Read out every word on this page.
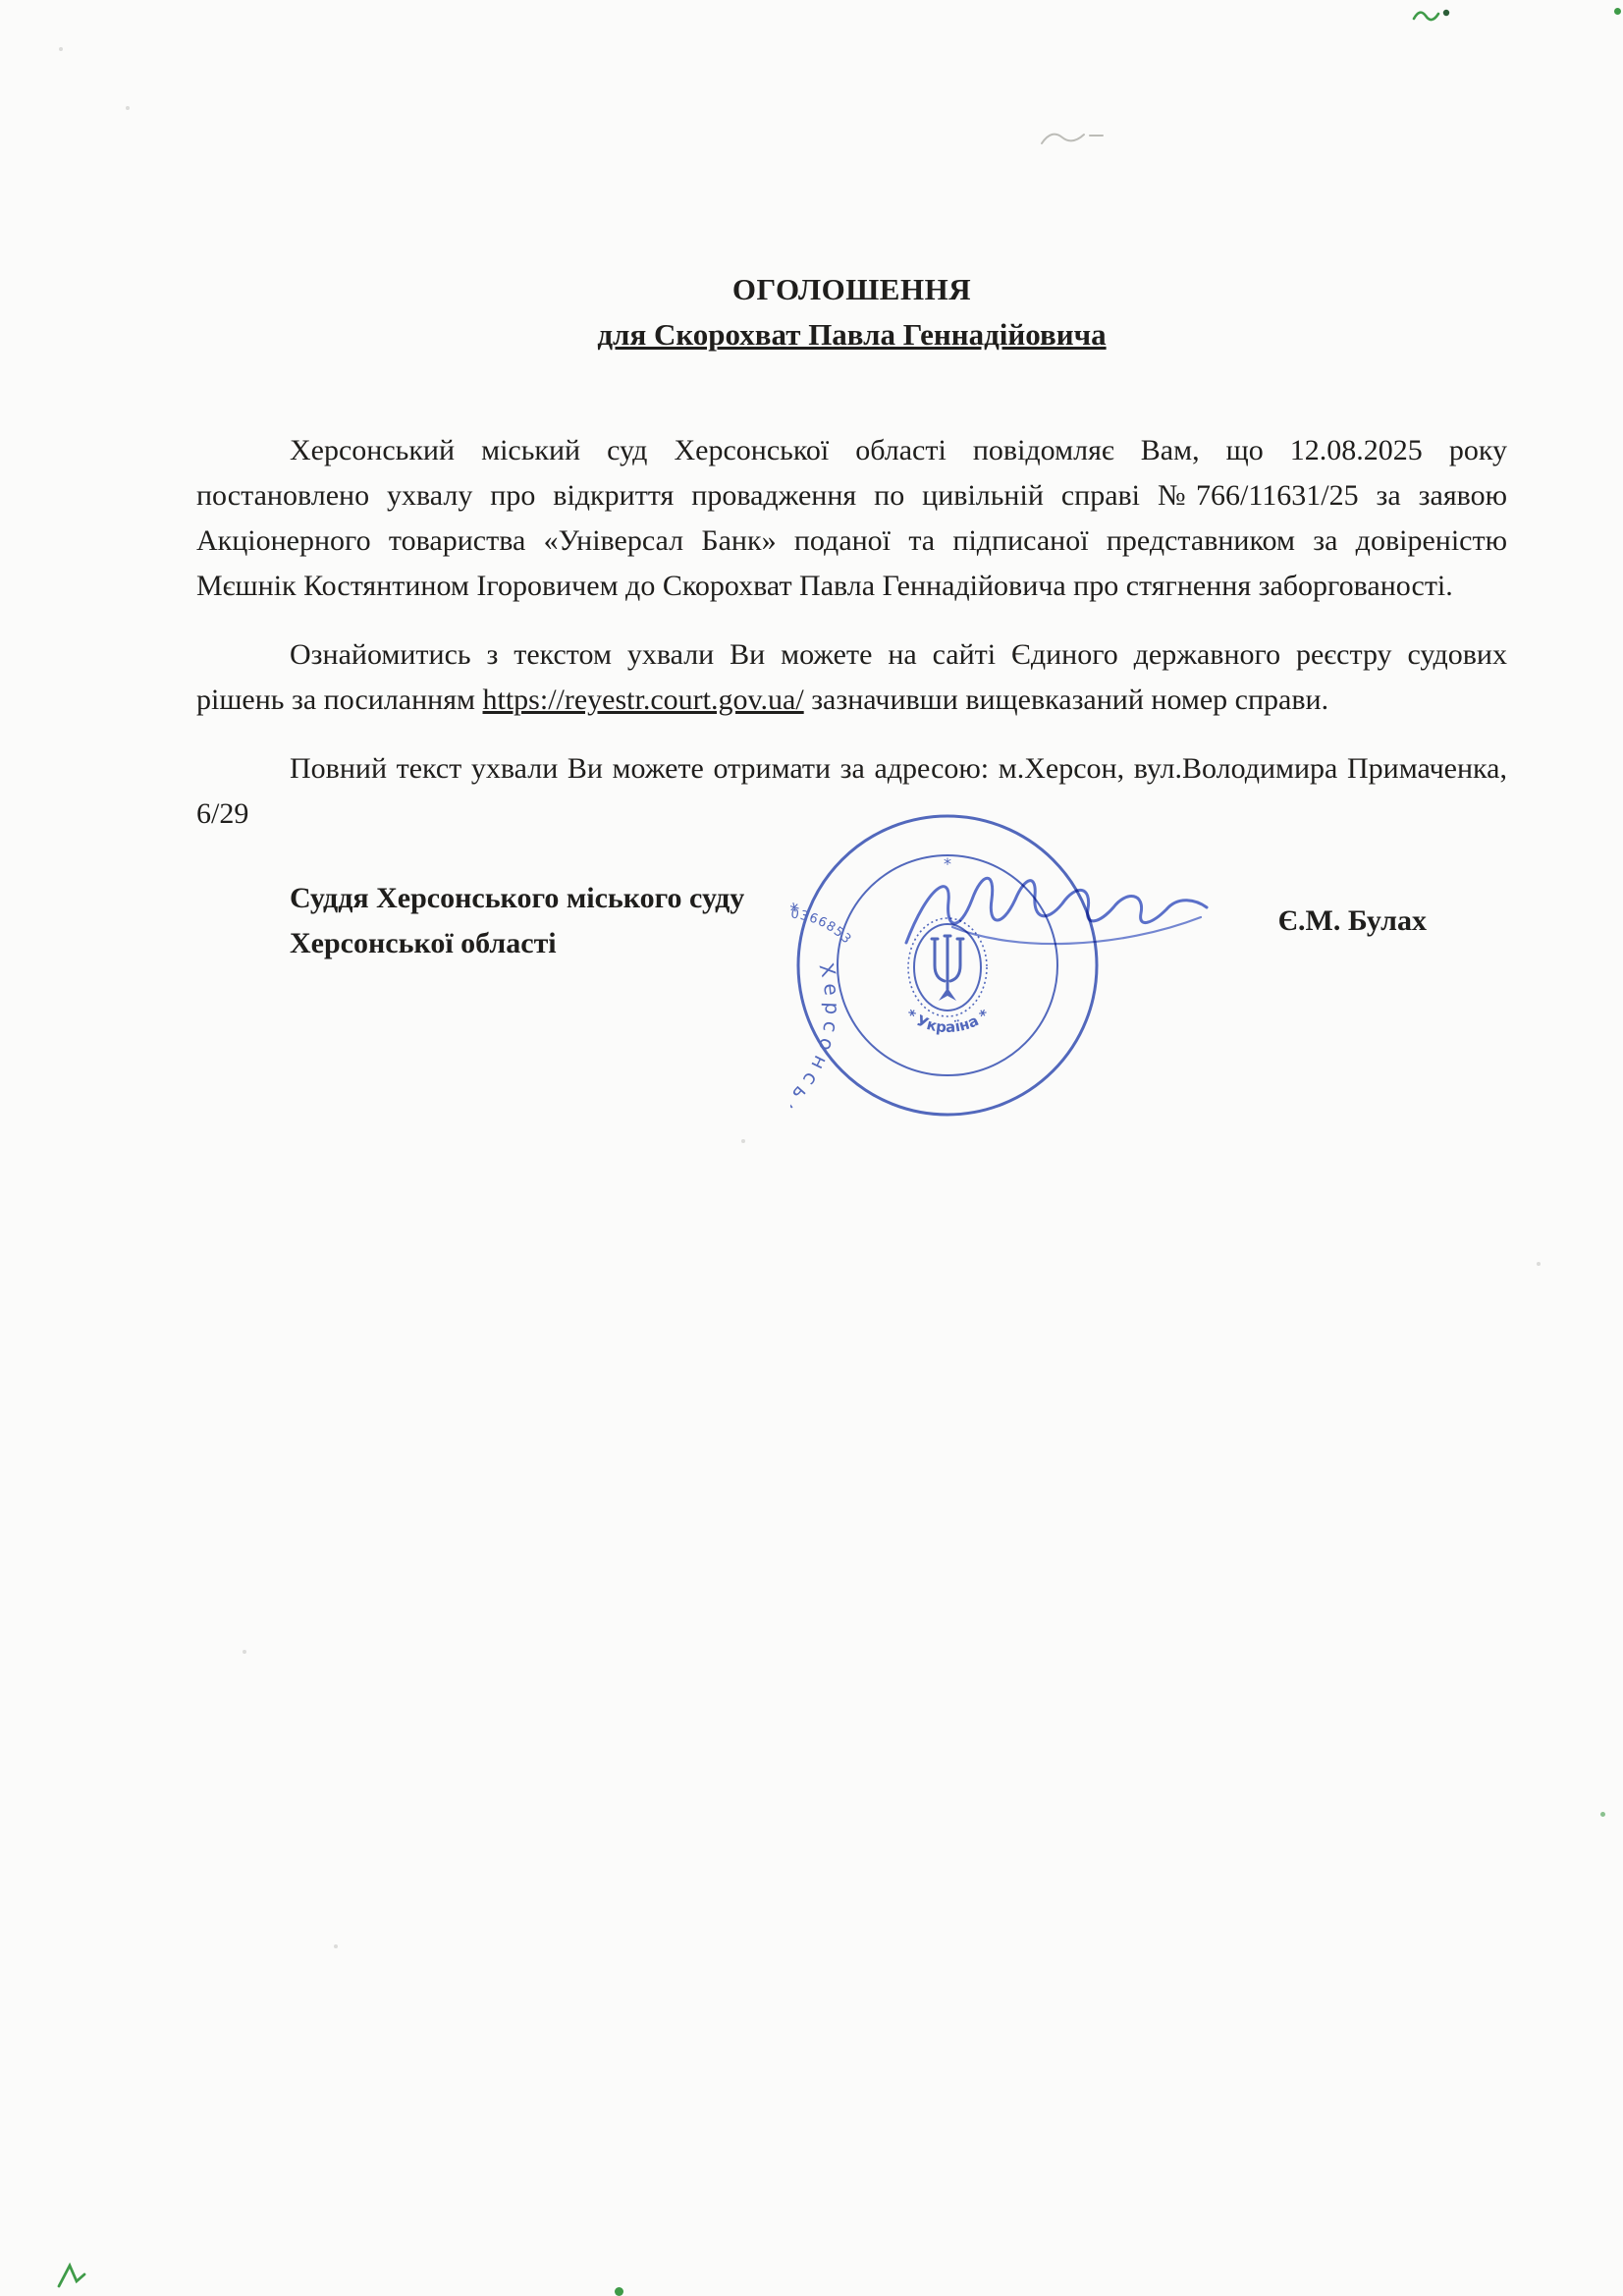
ОГОЛОШЕННЯ
для Скорохват Павла Геннадійовича

Херсонський міський суд Херсонської області повідомляє Вам, що 12.08.2025 року постановлено ухвалу про відкриття провадження по цивільній справі №766/11631/25 за заявою Акціонерного товариства «Універсал Банк» поданої та підписаної представником за довіреністю Мєшнік Костянтином Ігоровичем до Скорохват Павла Геннадійовича про стягнення заборгованості.

Ознайомитись з текстом ухвали Ви можете на сайті Єдиного державного реєстру судових рішень за посиланням https://reyestr.court.gov.ua/ зазначивши вищевказаний номер справи.

Повний текст ухвали Ви можете отримати за адресою: м.Херсон, вул.Володимира Примаченка, 6/29

Суддя Херсонського міського суду
Херсонської області
Є.М. Булах
Херсонс
0366853
* Україна *
*
